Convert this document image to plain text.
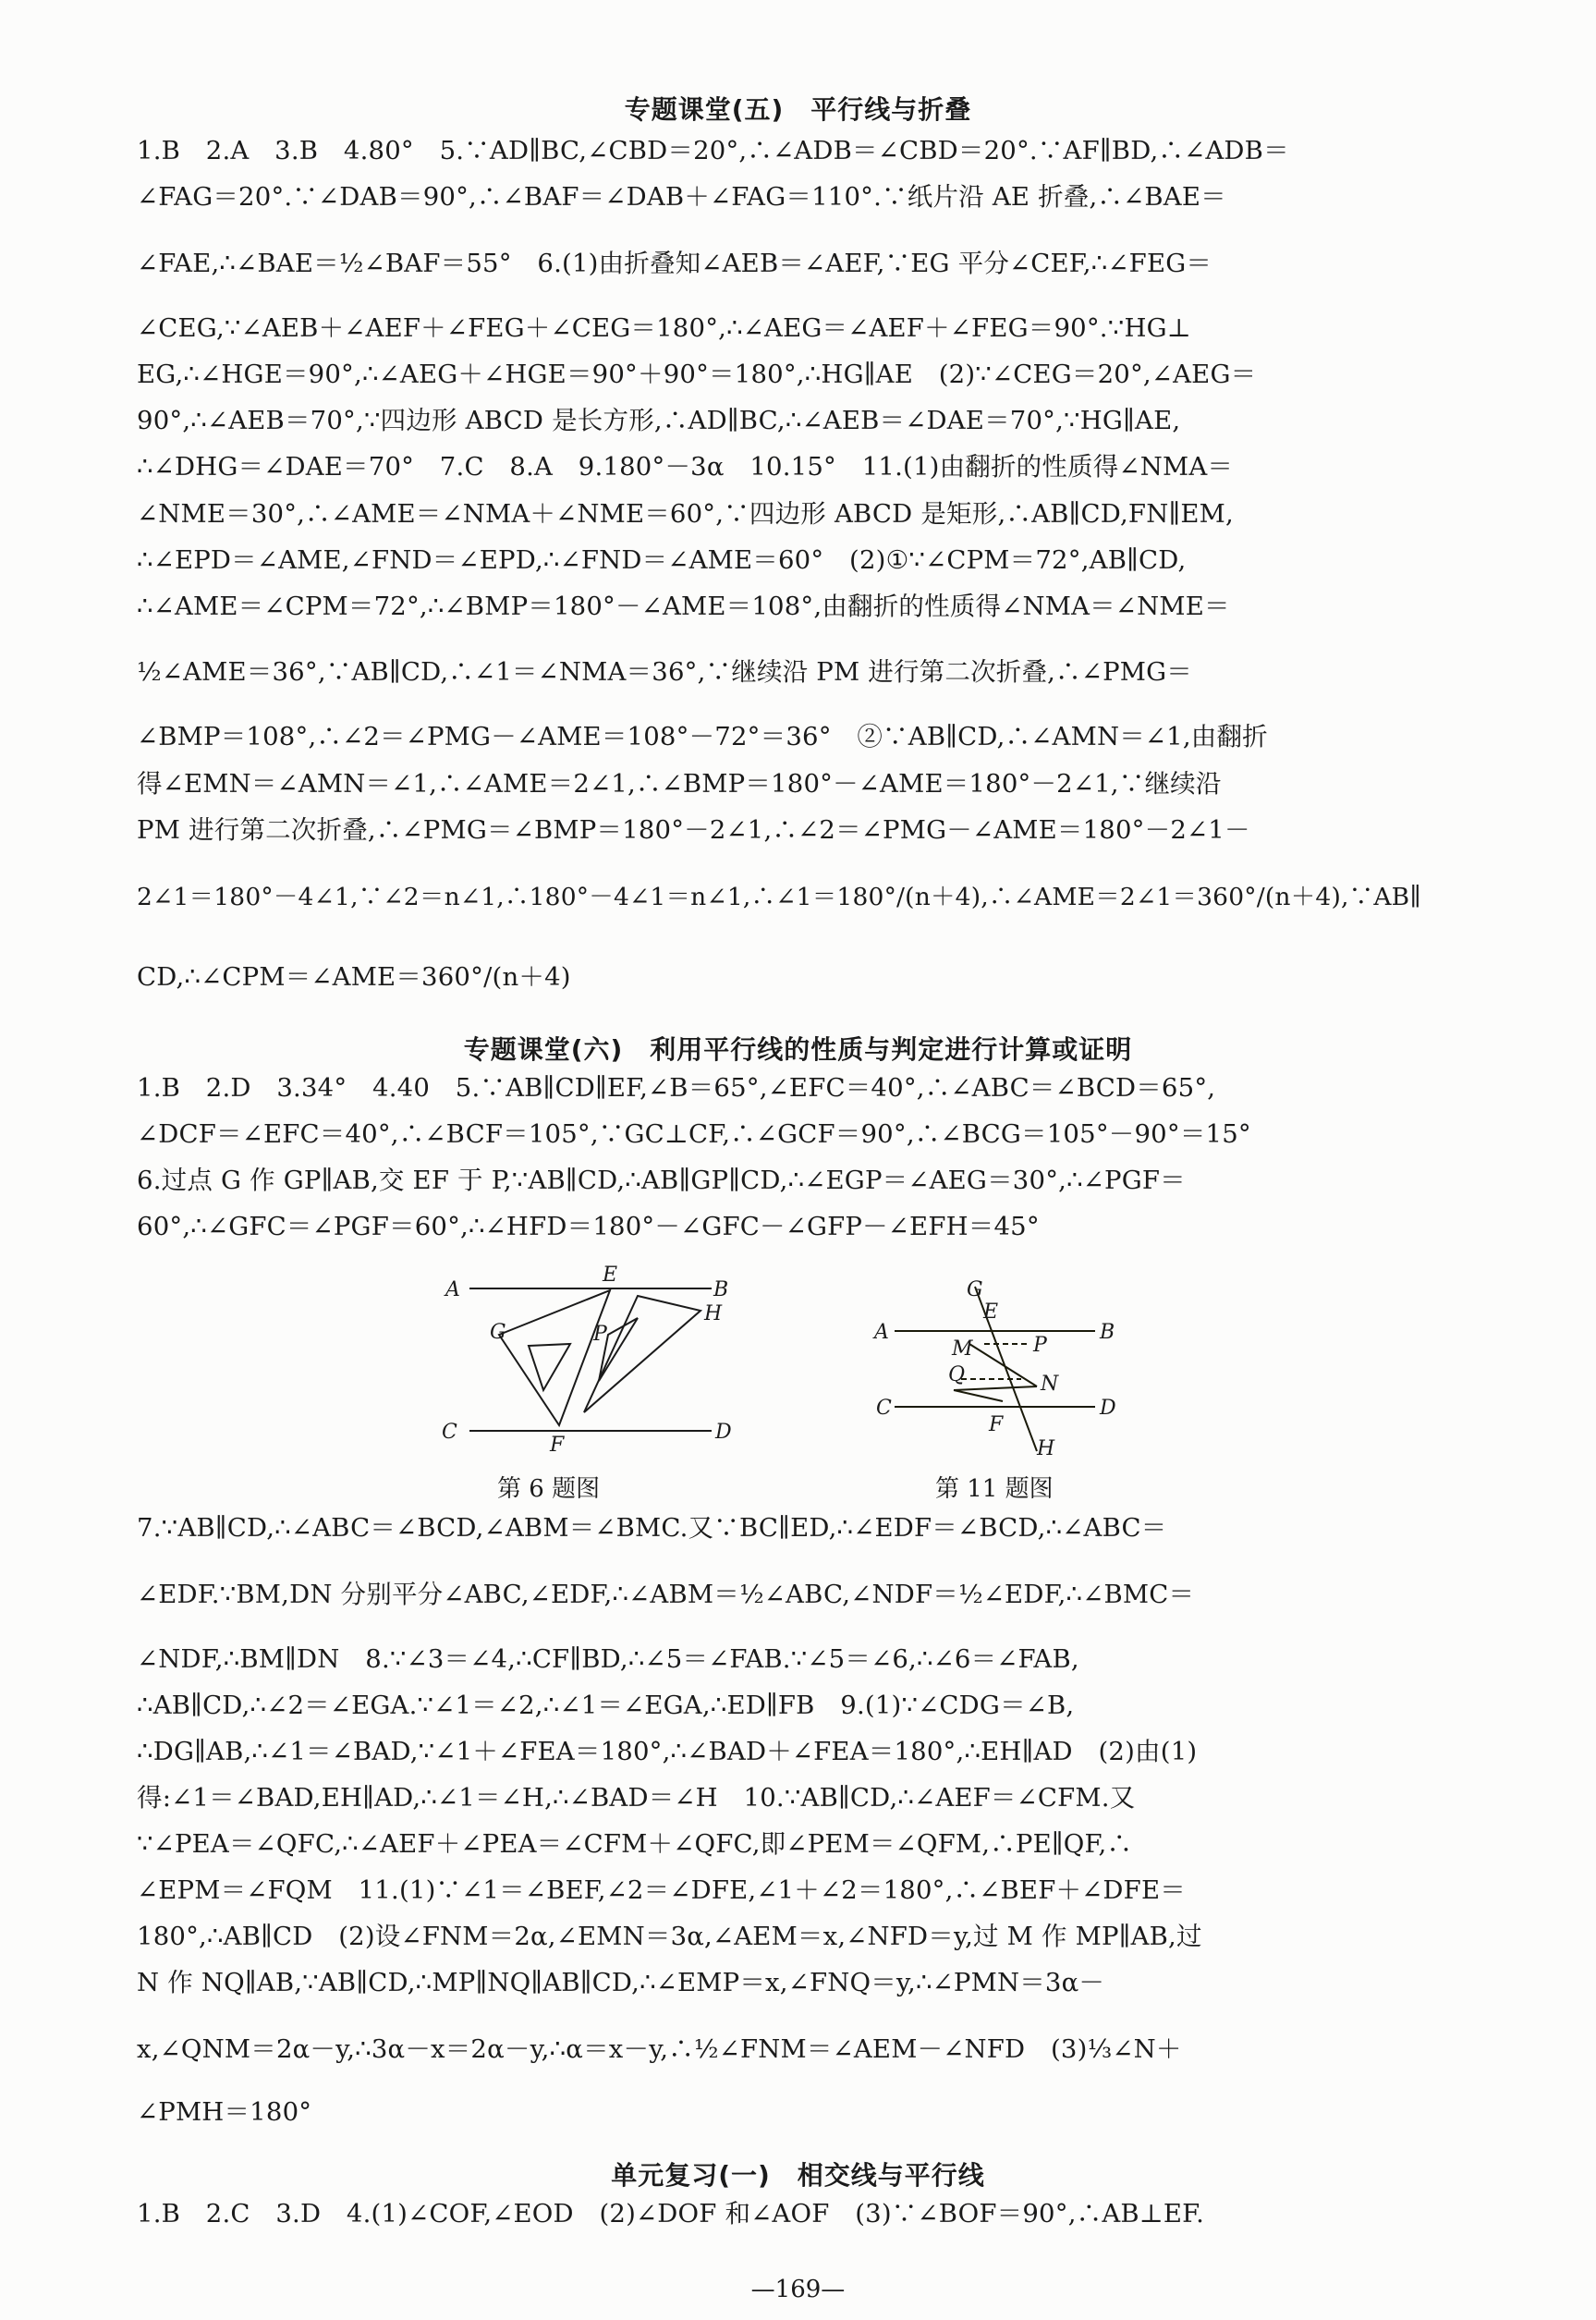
专题课堂(五)　平行线与折叠
1.B　2.A　3.B　4.80°　5.∵AD∥BC,∠CBD＝20°,∴∠ADB＝∠CBD＝20°.∵AF∥BD,∴∠ADB＝
∠FAG＝20°.∵∠DAB＝90°,∴∠BAF＝∠DAB＋∠FAG＝110°.∵纸片沿 AE 折叠,∴∠BAE＝
∠FAE,∴∠BAE＝½∠BAF＝55°　6.(1)由折叠知∠AEB＝∠AEF,∵EG 平分∠CEF,∴∠FEG＝
∠CEG,∵∠AEB＋∠AEF＋∠FEG＋∠CEG＝180°,∴∠AEG＝∠AEF＋∠FEG＝90°.∵HG⊥
EG,∴∠HGE＝90°,∴∠AEG＋∠HGE＝90°＋90°＝180°,∴HG∥AE　(2)∵∠CEG＝20°,∠AEG＝
90°,∴∠AEB＝70°,∵四边形 ABCD 是长方形,∴AD∥BC,∴∠AEB＝∠DAE＝70°,∵HG∥AE,
∴∠DHG＝∠DAE＝70°　7.C　8.A　9.180°－3α　10.15°　11.(1)由翻折的性质得∠NMA＝
∠NME＝30°,∴∠AME＝∠NMA＋∠NME＝60°,∵四边形 ABCD 是矩形,∴AB∥CD,FN∥EM,
∴∠EPD＝∠AME,∠FND＝∠EPD,∴∠FND＝∠AME＝60°　(2)①∵∠CPM＝72°,AB∥CD,
∴∠AME＝∠CPM＝72°,∴∠BMP＝180°－∠AME＝108°,由翻折的性质得∠NMA＝∠NME＝
½∠AME＝36°,∵AB∥CD,∴∠1＝∠NMA＝36°,∵继续沿 PM 进行第二次折叠,∴∠PMG＝
∠BMP＝108°,∴∠2＝∠PMG－∠AME＝108°－72°＝36°　②∵AB∥CD,∴∠AMN＝∠1,由翻折
得∠EMN＝∠AMN＝∠1,∴∠AME＝2∠1,∴∠BMP＝180°－∠AME＝180°－2∠1,∵继续沿
PM 进行第二次折叠,∴∠PMG＝∠BMP＝180°－2∠1,∴∠2＝∠PMG－∠AME＝180°－2∠1－
2∠1＝180°－4∠1,∵∠2＝n∠1,∴180°－4∠1＝n∠1,∴∠1＝180°/(n＋4),∴∠AME＝2∠1＝360°/(n＋4),∵AB∥
CD,∴∠CPM＝∠AME＝360°/(n＋4)
专题课堂(六)　利用平行线的性质与判定进行计算或证明
1.B　2.D　3.34°　4.40　5.∵AB∥CD∥EF,∠B＝65°,∠EFC＝40°,∴∠ABC＝∠BCD＝65°,
∠DCF＝∠EFC＝40°,∴∠BCF＝105°,∵GC⊥CF,∴∠GCF＝90°,∴∠BCG＝105°－90°＝15°
6.过点 G 作 GP∥AB,交 EF 于 P,∵AB∥CD,∴AB∥GP∥CD,∴∠EGP＝∠AEG＝30°,∴∠PGF＝
60°,∴∠GFC＝∠PGF＝60°,∴∠HFD＝180°－∠GFC－∠GFP－∠EFH＝45°
A
E
B
G	P
H
C
F
D
第 6 题图
G
E
A	B
M	P
Q	N
C	D
F
H
第 11 题图
7.∵AB∥CD,∴∠ABC＝∠BCD,∠ABM＝∠BMC.又∵BC∥ED,∴∠EDF＝∠BCD,∴∠ABC＝
∠EDF.∵BM,DN 分别平分∠ABC,∠EDF,∴∠ABM＝½∠ABC,∠NDF＝½∠EDF,∴∠BMC＝
∠NDF,∴BM∥DN　8.∵∠3＝∠4,∴CF∥BD,∴∠5＝∠FAB.∵∠5＝∠6,∴∠6＝∠FAB,
∴AB∥CD,∴∠2＝∠EGA.∵∠1＝∠2,∴∠1＝∠EGA,∴ED∥FB　9.(1)∵∠CDG＝∠B,
∴DG∥AB,∴∠1＝∠BAD,∵∠1＋∠FEA＝180°,∴∠BAD＋∠FEA＝180°,∴EH∥AD　(2)由(1)
得:∠1＝∠BAD,EH∥AD,∴∠1＝∠H,∴∠BAD＝∠H　10.∵AB∥CD,∴∠AEF＝∠CFM.又
∵∠PEA＝∠QFC,∴∠AEF＋∠PEA＝∠CFM＋∠QFC,即∠PEM＝∠QFM,∴PE∥QF,∴
∠EPM＝∠FQM　11.(1)∵∠1＝∠BEF,∠2＝∠DFE,∠1＋∠2＝180°,∴∠BEF＋∠DFE＝
180°,∴AB∥CD　(2)设∠FNM＝2α,∠EMN＝3α,∠AEM＝x,∠NFD＝y,过 M 作 MP∥AB,过
N 作 NQ∥AB,∵AB∥CD,∴MP∥NQ∥AB∥CD,∴∠EMP＝x,∠FNQ＝y,∴∠PMN＝3α－
x,∠QNM＝2α－y,∴3α－x＝2α－y,∴α＝x－y,∴½∠FNM＝∠AEM－∠NFD　(3)⅓∠N＋
∠PMH＝180°
单元复习(一)　相交线与平行线
1.B　2.C　3.D　4.(1)∠COF,∠EOD　(2)∠DOF 和∠AOF　(3)∵∠BOF＝90°,∴AB⊥EF.
—169—
